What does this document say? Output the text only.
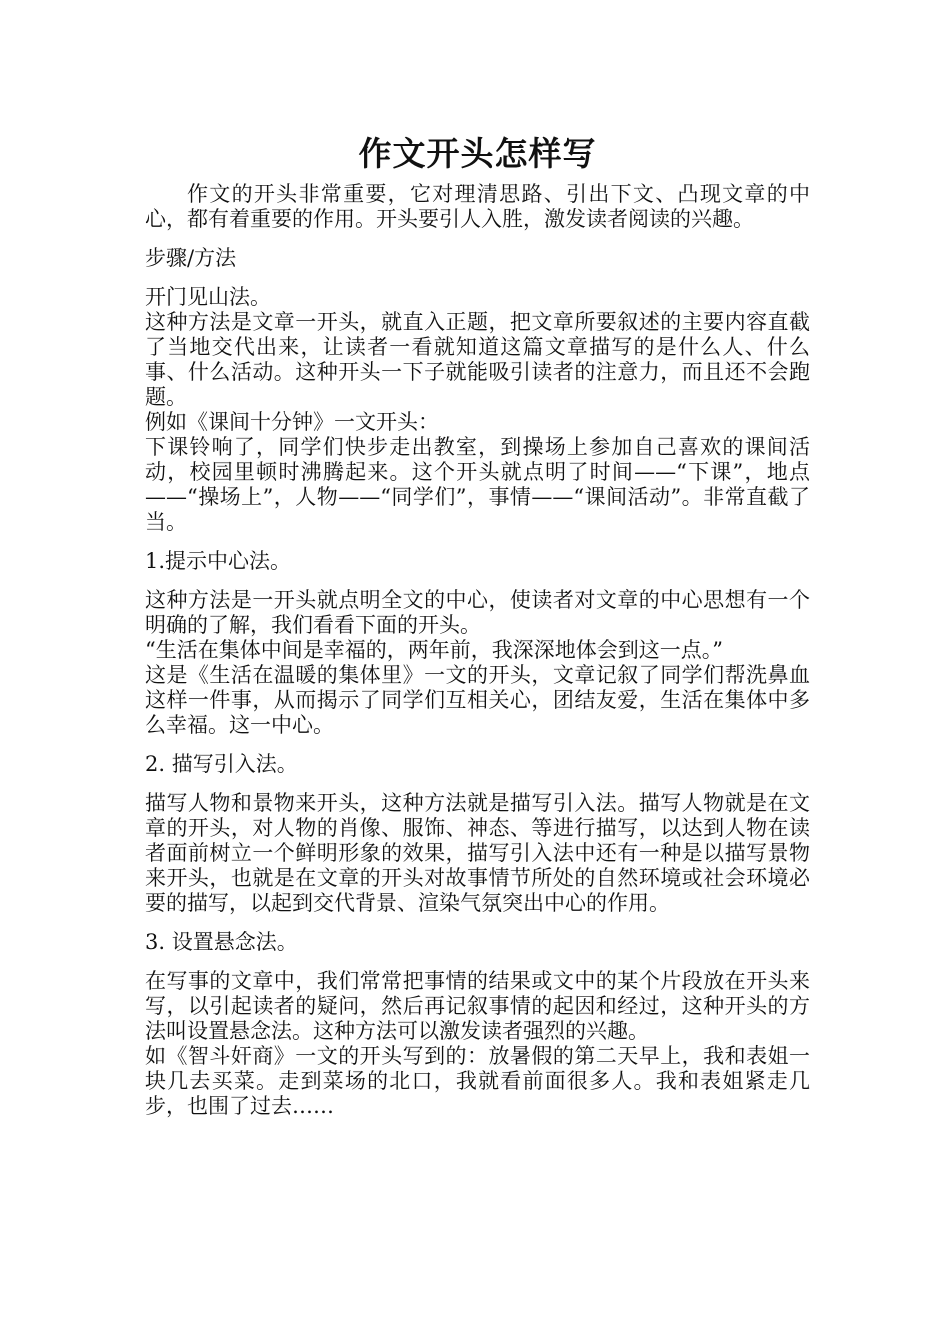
作文开头怎样写

作文的开头非常重要，它对理清思路、引出下文、凸现文章的中心，都有着重要的作用。开头要引人入胜，激发读者阅读的兴趣。

步骤/方法

开门见山法。

这种方法是文章一开头，就直入正题，把文章所要叙述的主要内容直截了当地交代出来，让读者一看就知道这篇文章描写的是什么人、什么事、什么活动。这种开头一下子就能吸引读者的注意力，而且还不会跑题。

例如《课间十分钟》一文开头：

下课铃响了，同学们快步走出教室，到操场上参加自己喜欢的课间活动，校园里顿时沸腾起来。这个开头就点明了时间——“下课”，地点——“操场上”，人物——“同学们”，事情——“课间活动”。非常直截了当。

1.提示中心法。

这种方法是一开头就点明全文的中心，使读者对文章的中心思想有一个明确的了解，我们看看下面的开头。

“生活在集体中间是幸福的，两年前，我深深地体会到这一点。”

这是《生活在温暖的集体里》一文的开头，文章记叙了同学们帮洗鼻血这样一件事，从而揭示了同学们互相关心，团结友爱，生活在集体中多么幸福。这一中心。

2. 描写引入法。

描写人物和景物来开头，这种方法就是描写引入法。描写人物就是在文章的开头，对人物的肖像、服饰、神态、等进行描写，以达到人物在读者面前树立一个鲜明形象的效果，描写引入法中还有一种是以描写景物来开头，也就是在文章的开头对故事情节所处的自然环境或社会环境必要的描写，以起到交代背景、渲染气氛突出中心的作用。

3. 设置悬念法。

在写事的文章中，我们常常把事情的结果或文中的某个片段放在开头来写，以引起读者的疑问，然后再记叙事情的起因和经过，这种开头的方法叫设置悬念法。这种方法可以激发读者强烈的兴趣。

如《智斗奸商》一文的开头写到的：放暑假的第二天早上，我和表姐一块几去买菜。走到菜场的北口，我就看前面很多人。我和表姐紧走几步，也围了过去……
